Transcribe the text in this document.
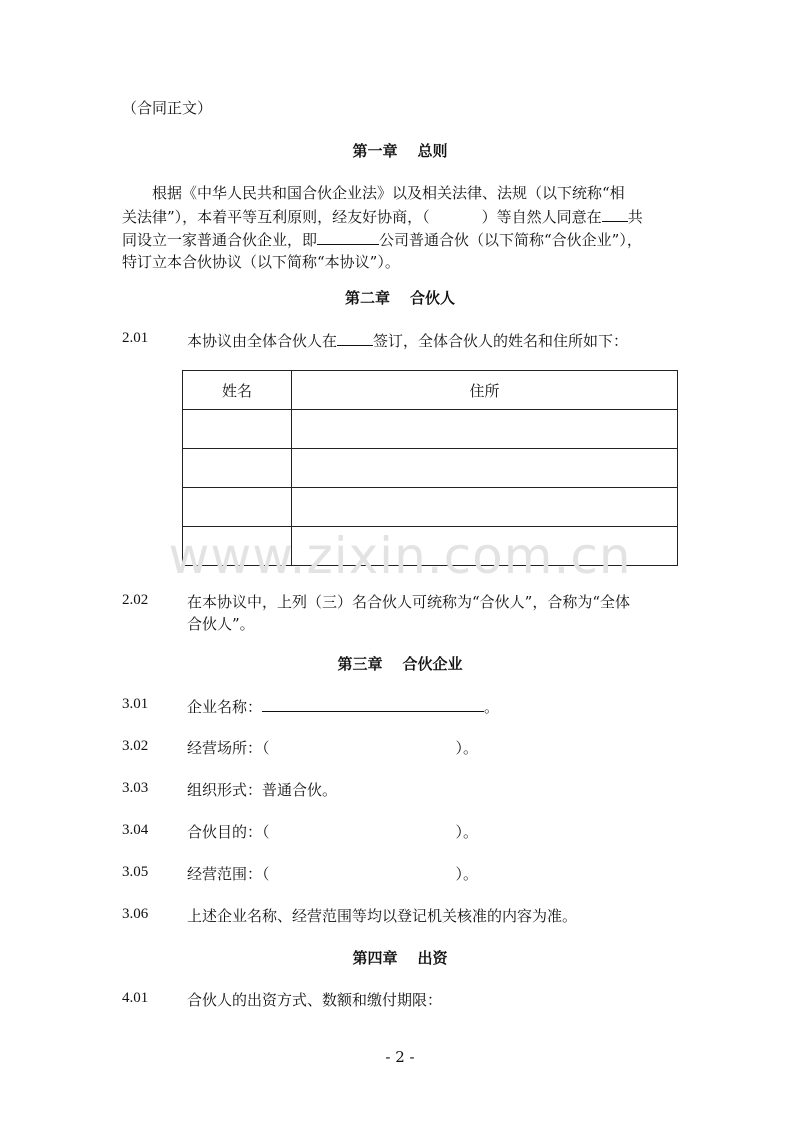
（合同正文）
第一章 总则
根据《中华人民共和国合伙企业法》以及相关法律、法规（以下统称“相
关法律”），本着平等互利原则，经友好协商，（	）等自然人同意在 共
同设立一家普通合伙企业，即	公司普通合伙（以下简称“合伙企业”），
特订立本合伙协议（以下简称“本协议”）。
第二章 合伙人
2.01	本协议由全体合伙人在 签订，全体合伙人的姓名和住所如下：
姓名	住所

www.zixin.com.cn
2.02	在本协议中，上列（三）名合伙人可统称为“合伙人”，合称为“全体
合伙人”。
第三章 合伙企业
3.01	企业名称：	。
3.02	经营场所：（	）。
3.03	组织形式：普通合伙。
3.04	合伙目的：（	）。
3.05	经营范围：（	）。
3.06	上述企业名称、经营范围等均以登记机关核准的内容为准。
第四章 出资
4.01	合伙人的出资方式、数额和缴付期限：
- 2 -
